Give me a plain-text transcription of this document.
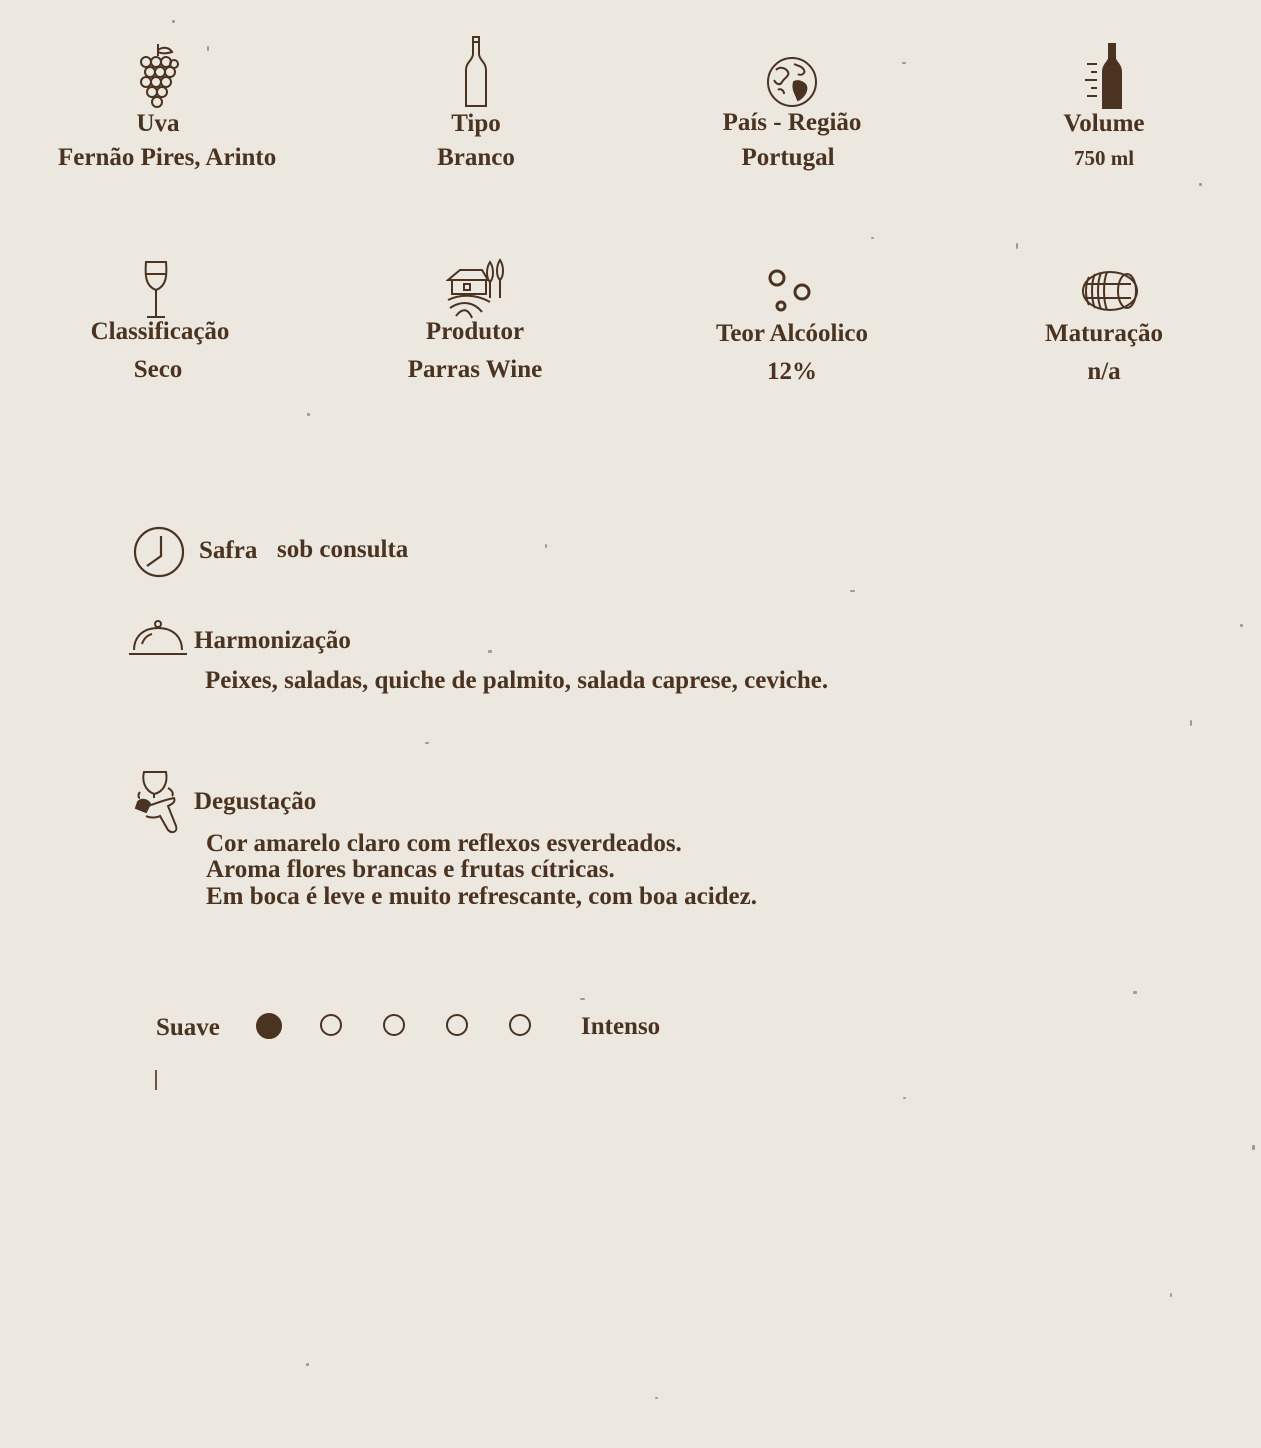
Uva
Fernão Pires, Arinto
Tipo
Branco
País - Região
Portugal
Volume
750 ml
Classificação
Seco
Produtor
Parras Wine
Teor Alcóolico
12%
Maturação
n/a
Safra sob consulta
Harmonização
Peixes, saladas, quiche de palmito, salada caprese, ceviche.
Degustação
Cor amarelo claro com reflexos esverdeados.
Aroma flores brancas e frutas cítricas.
Em boca é leve e muito refrescante, com boa acidez.
Suave	Intenso
